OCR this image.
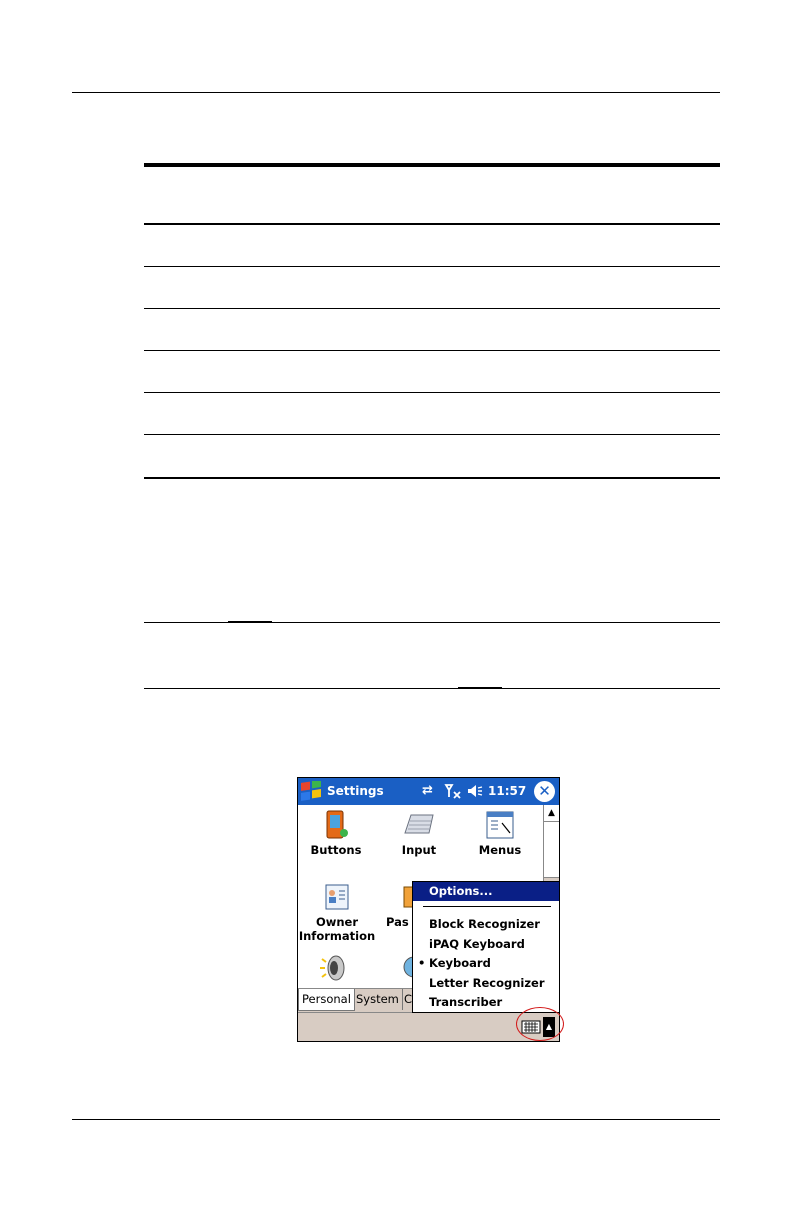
Settings	⇄	11:57 ✕
Buttons	Input	Menus
Owner
Information
Pas
▲
Personal System C
▲
Options...
Block Recognizer
iPAQ Keyboard
• Keyboard
Letter Recognizer
Transcriber
